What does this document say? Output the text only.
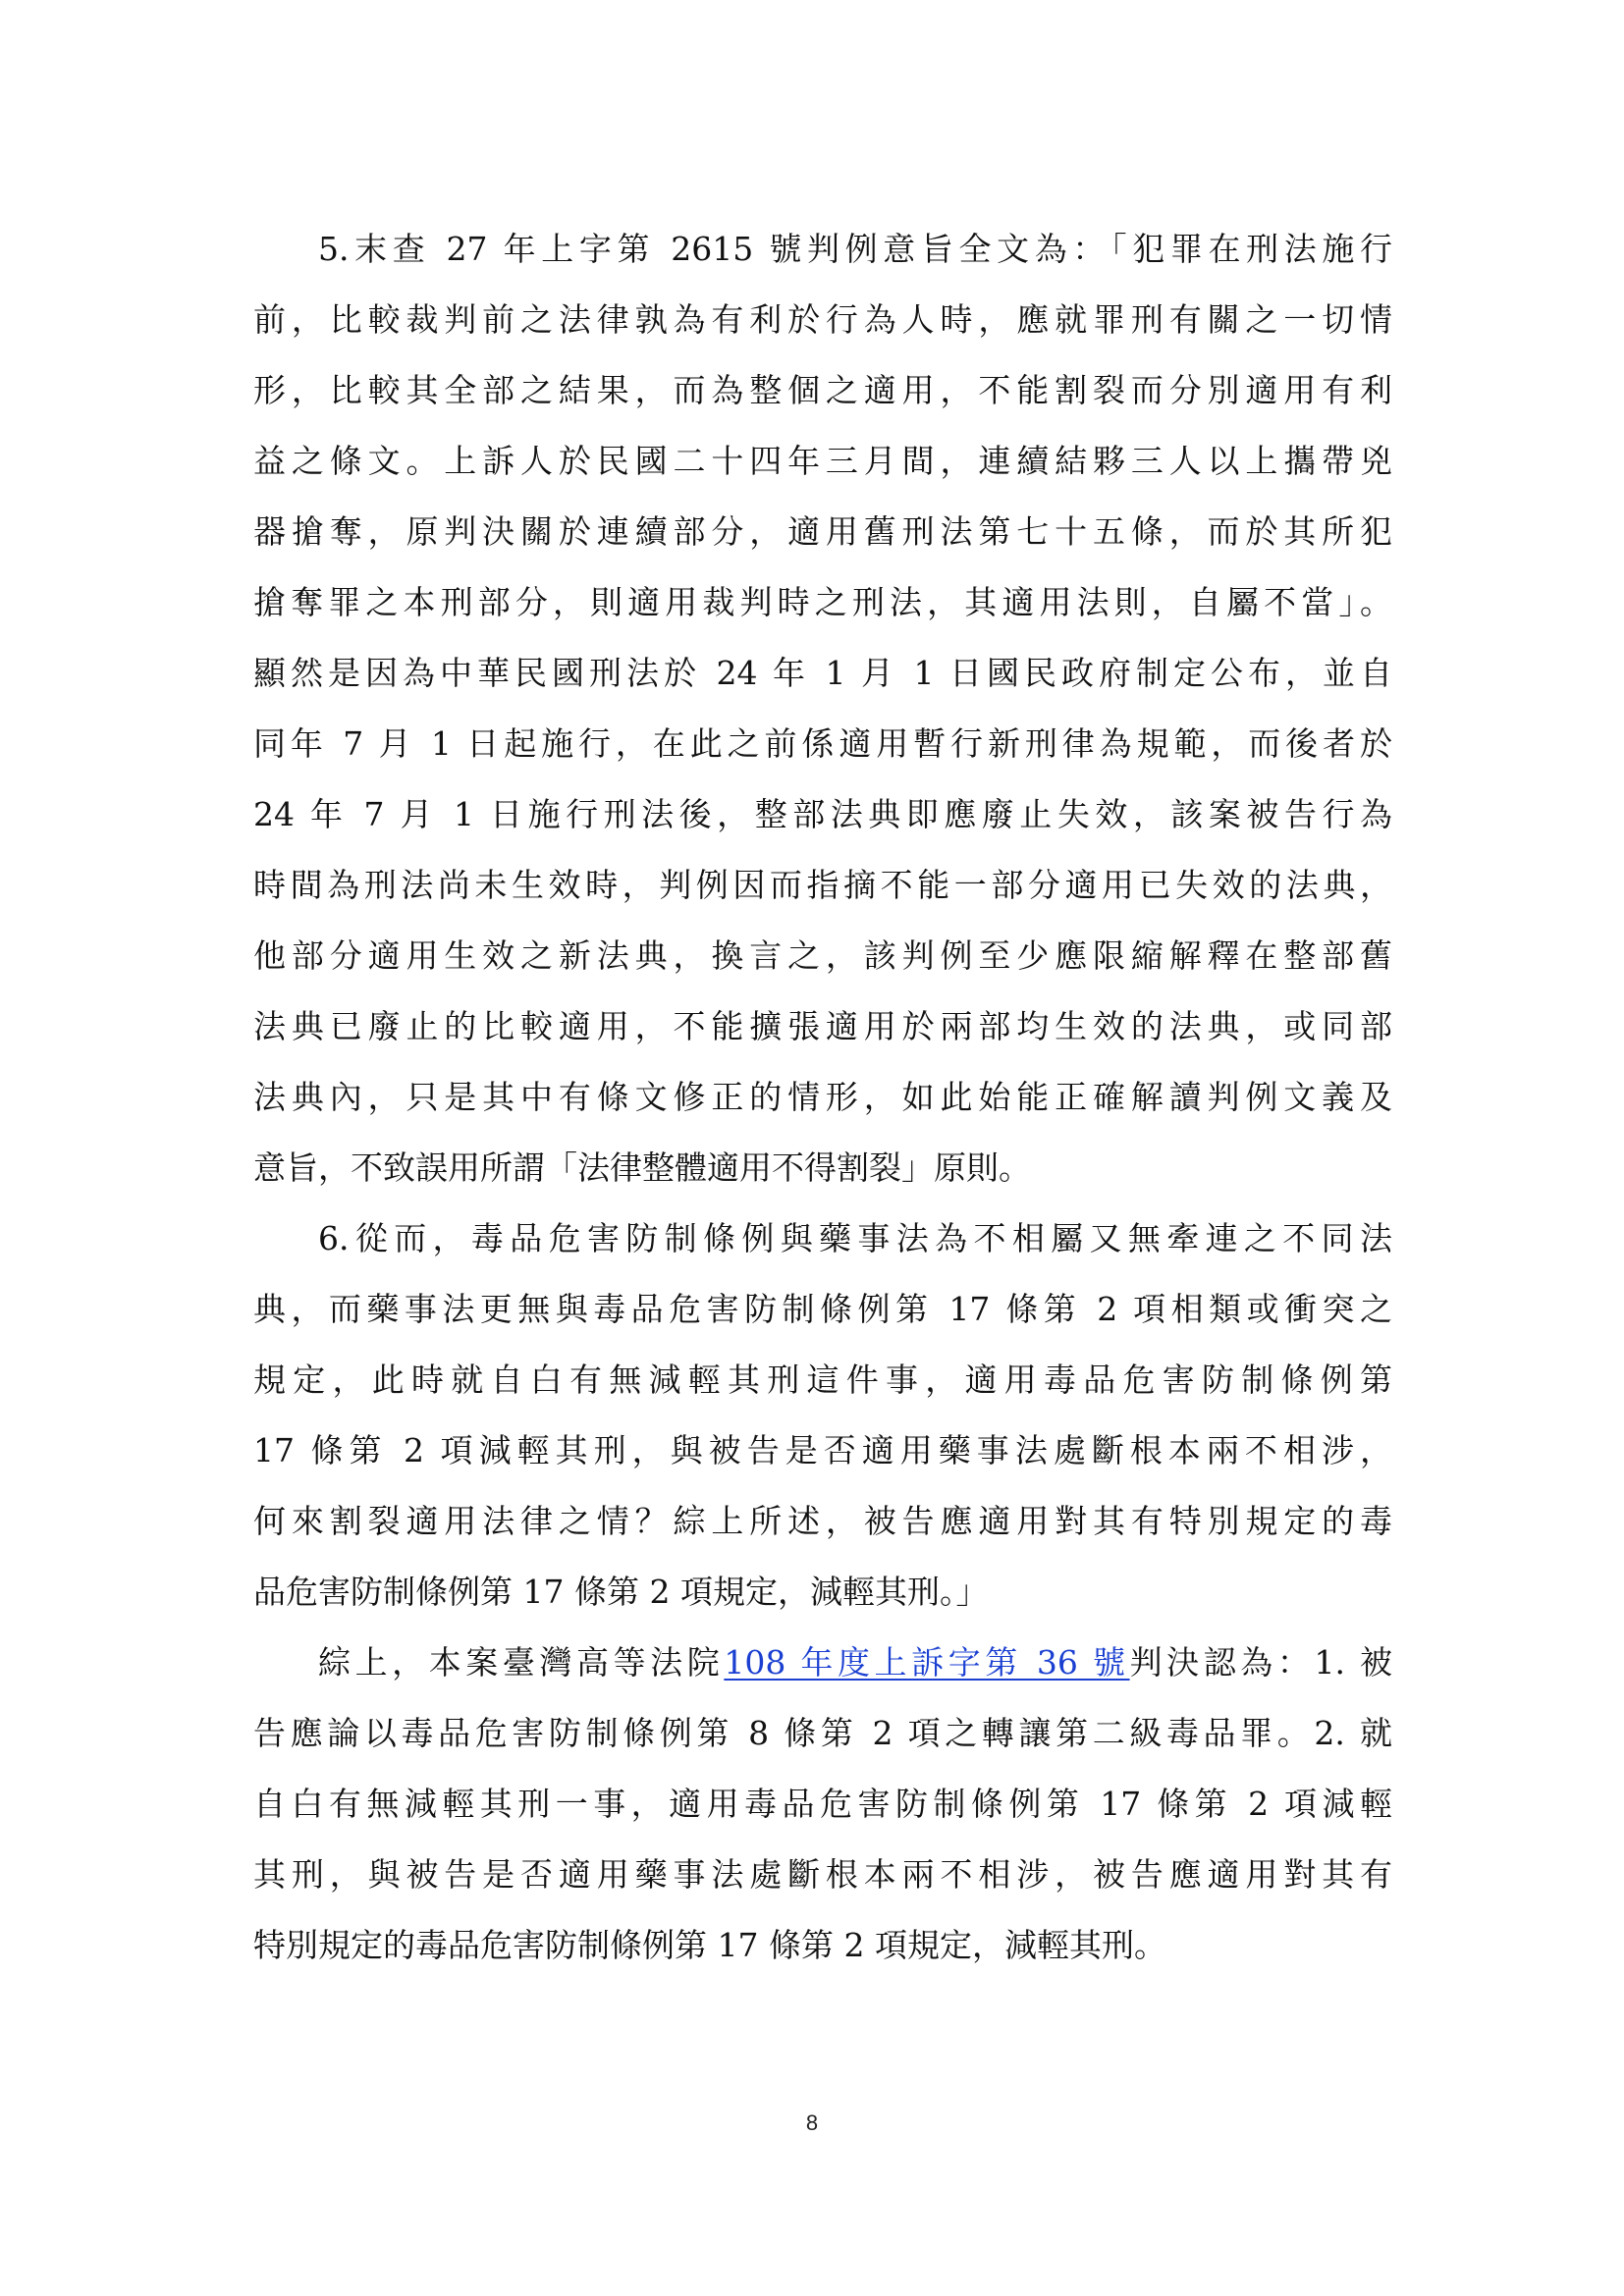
5.末查 27 年上字第 2615 號判例意旨全文為：「犯罪在刑法施行
前，比較裁判前之法律孰為有利於行為人時，應就罪刑有關之一切情
形，比較其全部之結果，而為整個之適用，不能割裂而分別適用有利
益之條文。上訴人於民國二十四年三月間，連續結夥三人以上攜帶兇
器搶奪，原判決關於連續部分，適用舊刑法第七十五條，而於其所犯
搶奪罪之本刑部分，則適用裁判時之刑法，其適用法則，自屬不當」。
顯然是因為中華民國刑法於 24 年 1 月 1 日國民政府制定公布，並自
同年 7 月 1 日起施行，在此之前係適用暫行新刑律為規範，而後者於
24 年 7 月 1 日施行刑法後，整部法典即應廢止失效，該案被告行為
時間為刑法尚未生效時，判例因而指摘不能一部分適用已失效的法典，
他部分適用生效之新法典，換言之，該判例至少應限縮解釋在整部舊
法典已廢止的比較適用，不能擴張適用於兩部均生效的法典，或同部
法典內，只是其中有條文修正的情形，如此始能正確解讀判例文義及
意旨，不致誤用所謂「法律整體適用不得割裂」原則。
6.從而，毒品危害防制條例與藥事法為不相屬又無牽連之不同法
典，而藥事法更無與毒品危害防制條例第 17 條第 2 項相類或衝突之
規定，此時就自白有無減輕其刑這件事，適用毒品危害防制條例第
17 條第 2 項減輕其刑，與被告是否適用藥事法處斷根本兩不相涉，
何來割裂適用法律之情？綜上所述，被告應適用對其有特別規定的毒
品危害防制條例第 17 條第 2 項規定，減輕其刑。」
綜上，本案臺灣高等法院108 年度上訴字第 36 號判決認為：1. 被
告應論以毒品危害防制條例第 8 條第 2 項之轉讓第二級毒品罪。2. 就
自白有無減輕其刑一事，適用毒品危害防制條例第 17 條第 2 項減輕
其刑，與被告是否適用藥事法處斷根本兩不相涉，被告應適用對其有
特別規定的毒品危害防制條例第 17 條第 2 項規定，減輕其刑。
8
